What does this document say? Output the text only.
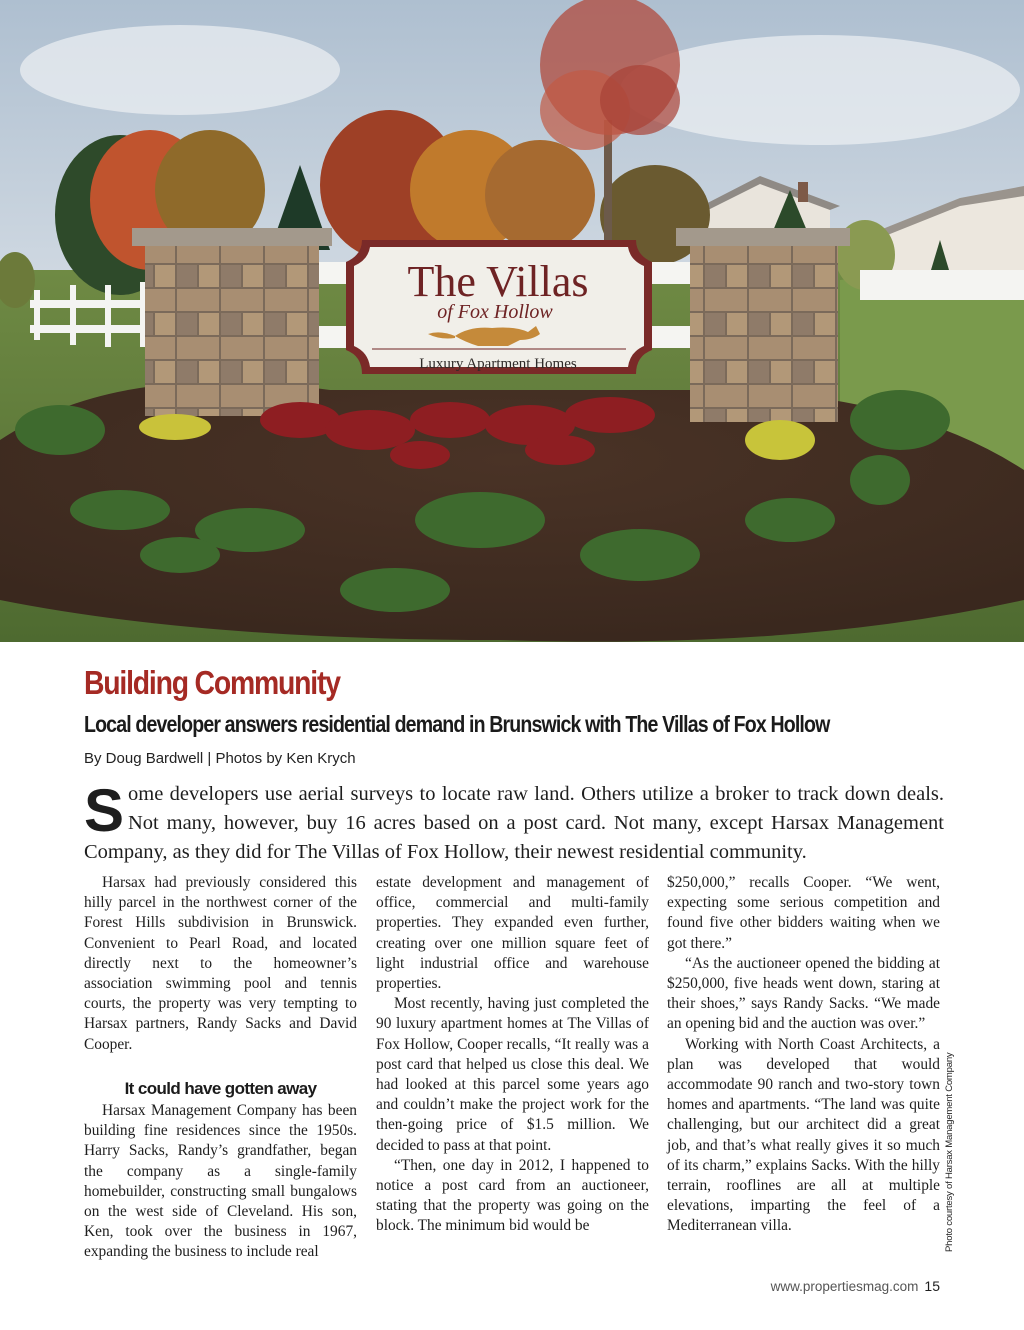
The Villas
of Fox Hollow
Luxury Apartment Homes
Building Community
Local developer answers residential demand in Brunswick with The Villas of Fox Hollow
By Doug Bardwell | Photos by Ken Krych
S ome developers use aerial surveys to locate raw land. Others utilize a broker to track down deals.
Not many, however, buy 16 acres based on a post card. Not many, except Harsax Management
Company, as they did for The Villas of Fox Hollow, their newest residential community.

Harsax had previously considered this hilly parcel in the northwest corner of the Forest Hills subdivision in Brunswick. Convenient to Pearl Road, and located directly next to the homeowner’s association swimming pool and tennis courts, the property was very tempting to Harsax partners, Randy Sacks and David Cooper.

It could have gotten away

Harsax Management Company has been building fine residences since the 1950s. Harry Sacks, Randy’s grandfather, began the company as a single-family homebuilder, constructing small bungalows on the west side of Cleveland. His son, Ken, took over the business in 1967, expanding the business to include real

estate development and management of office, commercial and multi-family properties. They expanded even further, creating over one million square feet of light industrial office and warehouse properties.

Most recently, having just completed the 90 luxury apartment homes at The Villas of Fox Hollow, Cooper recalls, “It really was a post card that helped us close this deal. We had looked at this parcel some years ago and couldn’t make the project work for the then-going price of $1.5 million. We decided to pass at that point.

“Then, one day in 2012, I happened to notice a post card from an auctioneer, stating that the property was going on the block. The minimum bid would be

$250,000,” recalls Cooper. “We went, expecting some serious competition and found five other bidders waiting when we got there.”

“As the auctioneer opened the bidding at $250,000, five heads went down, staring at their shoes,” says Randy Sacks. “We made an opening bid and the auction was over.”

Working with North Coast Architects, a plan was developed that would accommodate 90 ranch and two-story town homes and apartments. “The land was quite challenging, but our architect did a great job, and that’s what really gives it so much of its charm,” explains Sacks. With the hilly terrain, rooflines are all at multiple elevations, imparting the feel of a Mediterranean villa.	Photo courtesy of Harsax Management Company
www.propertiesmag.com 15
